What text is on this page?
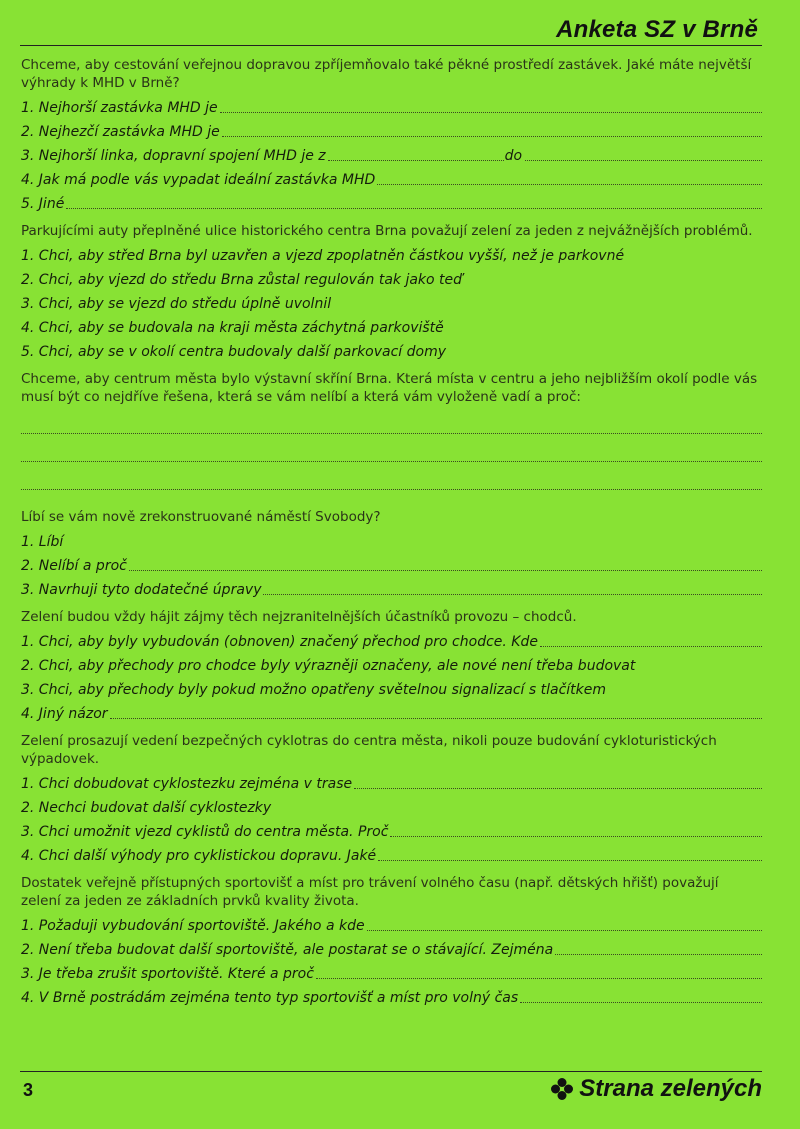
Anketa SZ v Brně

Chceme, aby cestování veřejnou dopravou zpříjemňovalo také pěkné prostředí zastávek. Jaké máte největší výhrady k MHD v Brně?

1. Nejhorší zastávka MHD je
2. Nejhezčí zastávka MHD je
3. Nejhorší linka, dopravní spojení MHD je z	do
4. Jak má podle vás vypadat ideální zastávka MHD
5. Jiné

Parkujícími auty přeplněné ulice historického centra Brna považují zelení za jeden z nejvážnějších problémů.

1. Chci, aby střed Brna byl uzavřen a vjezd zpoplatněn částkou vyšší, než je parkovné
2. Chci, aby vjezd do středu Brna zůstal regulován tak jako teď
3. Chci, aby se vjezd do středu úplně uvolnil
4. Chci, aby se budovala na kraji města záchytná parkoviště
5. Chci, aby se v okolí centra budovaly další parkovací domy

Chceme, aby centrum města bylo výstavní skříní Brna. Která místa v centru a jeho nejbližším okolí podle vás musí být co nejdříve řešena, která se vám nelíbí a která vám vyloženě vadí a proč:

Líbí se vám nově zrekonstruované náměstí Svobody?

1. Líbí
2. Nelíbí a proč
3. Navrhuji tyto dodatečné úpravy

Zelení budou vždy hájit zájmy těch nejzranitelnějších účastníků provozu – chodců.

1. Chci, aby byly vybudován (obnoven) značený přechod pro chodce. Kde
2. Chci, aby přechody pro chodce byly výrazněji označeny, ale nové není třeba budovat
3. Chci, aby přechody byly pokud možno opatřeny světelnou signalizací s tlačítkem
4. Jiný názor

Zelení prosazují vedení bezpečných cyklotras do centra města, nikoli pouze budování cykloturistických výpadovek.

1. Chci dobudovat cyklostezku zejména v trase
2. Nechci budovat další cyklostezky
3. Chci umožnit vjezd cyklistů do centra města. Proč
4. Chci další výhody pro cyklistickou dopravu. Jaké

Dostatek veřejně přístupných sportovišť a míst pro trávení volného času (např. dětských hřišť) považují zelení za jeden ze základních prvků kvality života.

1. Požaduji vybudování sportoviště. Jakého a kde
2. Není třeba budovat další sportoviště, ale postarat se o stávající. Zejména
3. Je třeba zrušit sportoviště. Které a proč
4. V Brně postrádám zejména tento typ sportovišť a míst pro volný čas
3	Strana zelených
